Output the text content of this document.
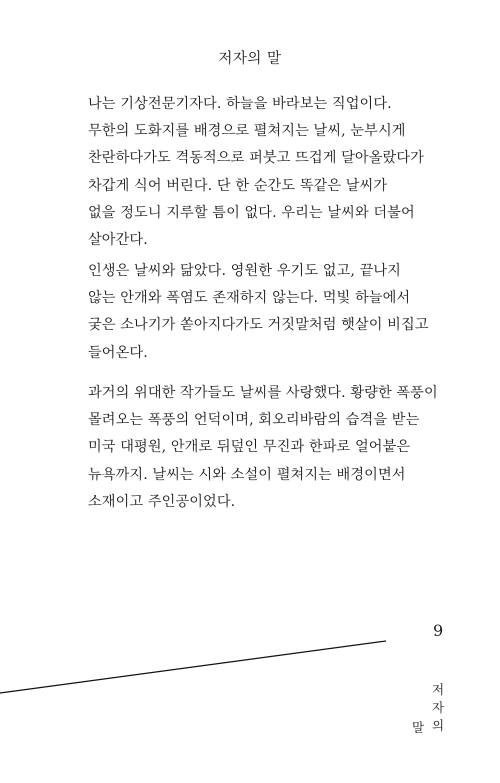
저자의 말
나는 기상전문기자다. 하늘을 바라보는 직업이다.
무한의 도화지를 배경으로 펼쳐지는 날씨, 눈부시게
찬란하다가도 격동적으로 퍼붓고 뜨겁게 달아올랐다가
차갑게 식어 버린다. 단 한 순간도 똑같은 날씨가
없을 정도니 지루할 틈이 없다. 우리는 날씨와 더불어
살아간다.
인생은 날씨와 닮았다. 영원한 우기도 없고, 끝나지
않는 안개와 폭염도 존재하지 않는다. 먹빛 하늘에서
궂은 소나기가 쏟아지다가도 거짓말처럼 햇살이 비집고
들어온다.
과거의 위대한 작가들도 날씨를 사랑했다. 황량한 폭풍이
몰려오는 폭풍의 언덕이며, 회오리바람의 습격을 받는
미국 대평원, 안개로 뒤덮인 무진과 한파로 얼어붙은
뉴욕까지. 날씨는 시와 소설이 펼쳐지는 배경이면서
소재이고 주인공이었다.
9
저
자
의
말
